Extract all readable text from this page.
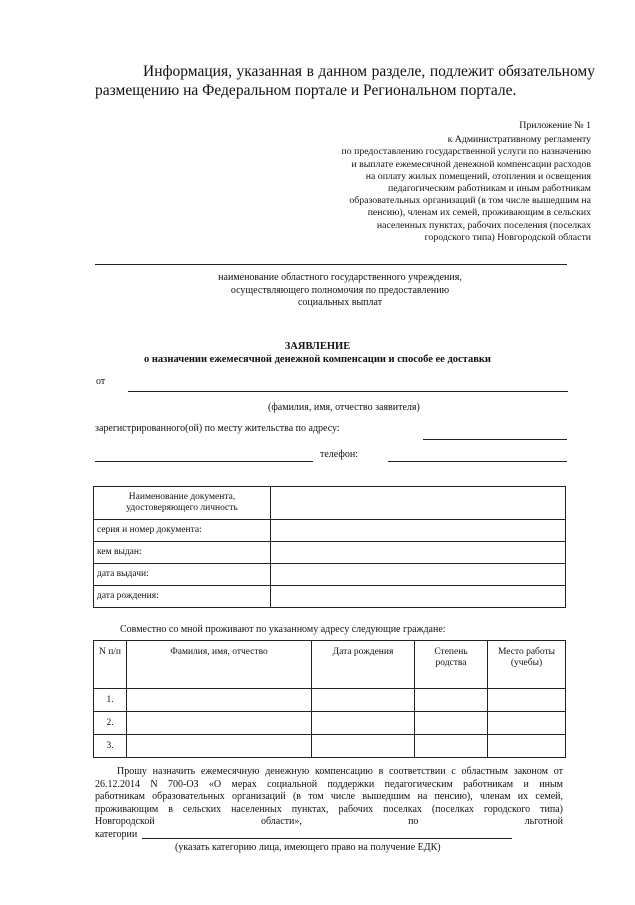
Информация, указанная в данном разделе, подлежит обязательному размещению на Федеральном портале и Региональном портале.
Приложение № 1
к Административному регламенту
по предоставлению государственной услуги по назначению
и выплате ежемесячной денежной компенсации расходов
на оплату жилых помещений, отопления и освещения
педагогическим работникам и иным работникам
образовательных организаций (в том числе вышедшим на
пенсию), членам их семей, проживающим в сельских
населенных пунктах, рабочих поселения (поселках
городского типа) Новгородской области
наименование областного государственного учреждения,
осуществляющего полномочия по предоставлению
социальных выплат
ЗАЯВЛЕНИЕ
о назначении ежемесячной денежной компенсации и способе ее доставки
от
(фамилия, имя, отчество заявителя)
зарегистрированного(ой) по месту жительства по адресу:
телефон:
Наименование документа, удостоверяющего личность	
серия и номер документа:	
кем выдан:	
дата выдачи:	
дата рождения:	
Совместно со мной проживают по указанному адресу следующие граждане:
N п/п	Фамилия, имя, отчество	Дата рождения	Степень родства	Место работы (учебы)
1.				
2.				
3.				
Прошу назначить ежемесячную денежную компенсацию в соответствии с областным законом от
26.12.2014 N 700-ОЗ «О мерах социальной поддержки педагогическим работникам и иным
работникам образовательных организаций (в том числе вышедшим на пенсию), членам их семей,
проживающим в сельских населенных пунктах, рабочих поселках (поселках городского типа)
Новгородской	области»,	по	льготной
категории
(указать категорию лица, имеющего право на получение ЕДК)
